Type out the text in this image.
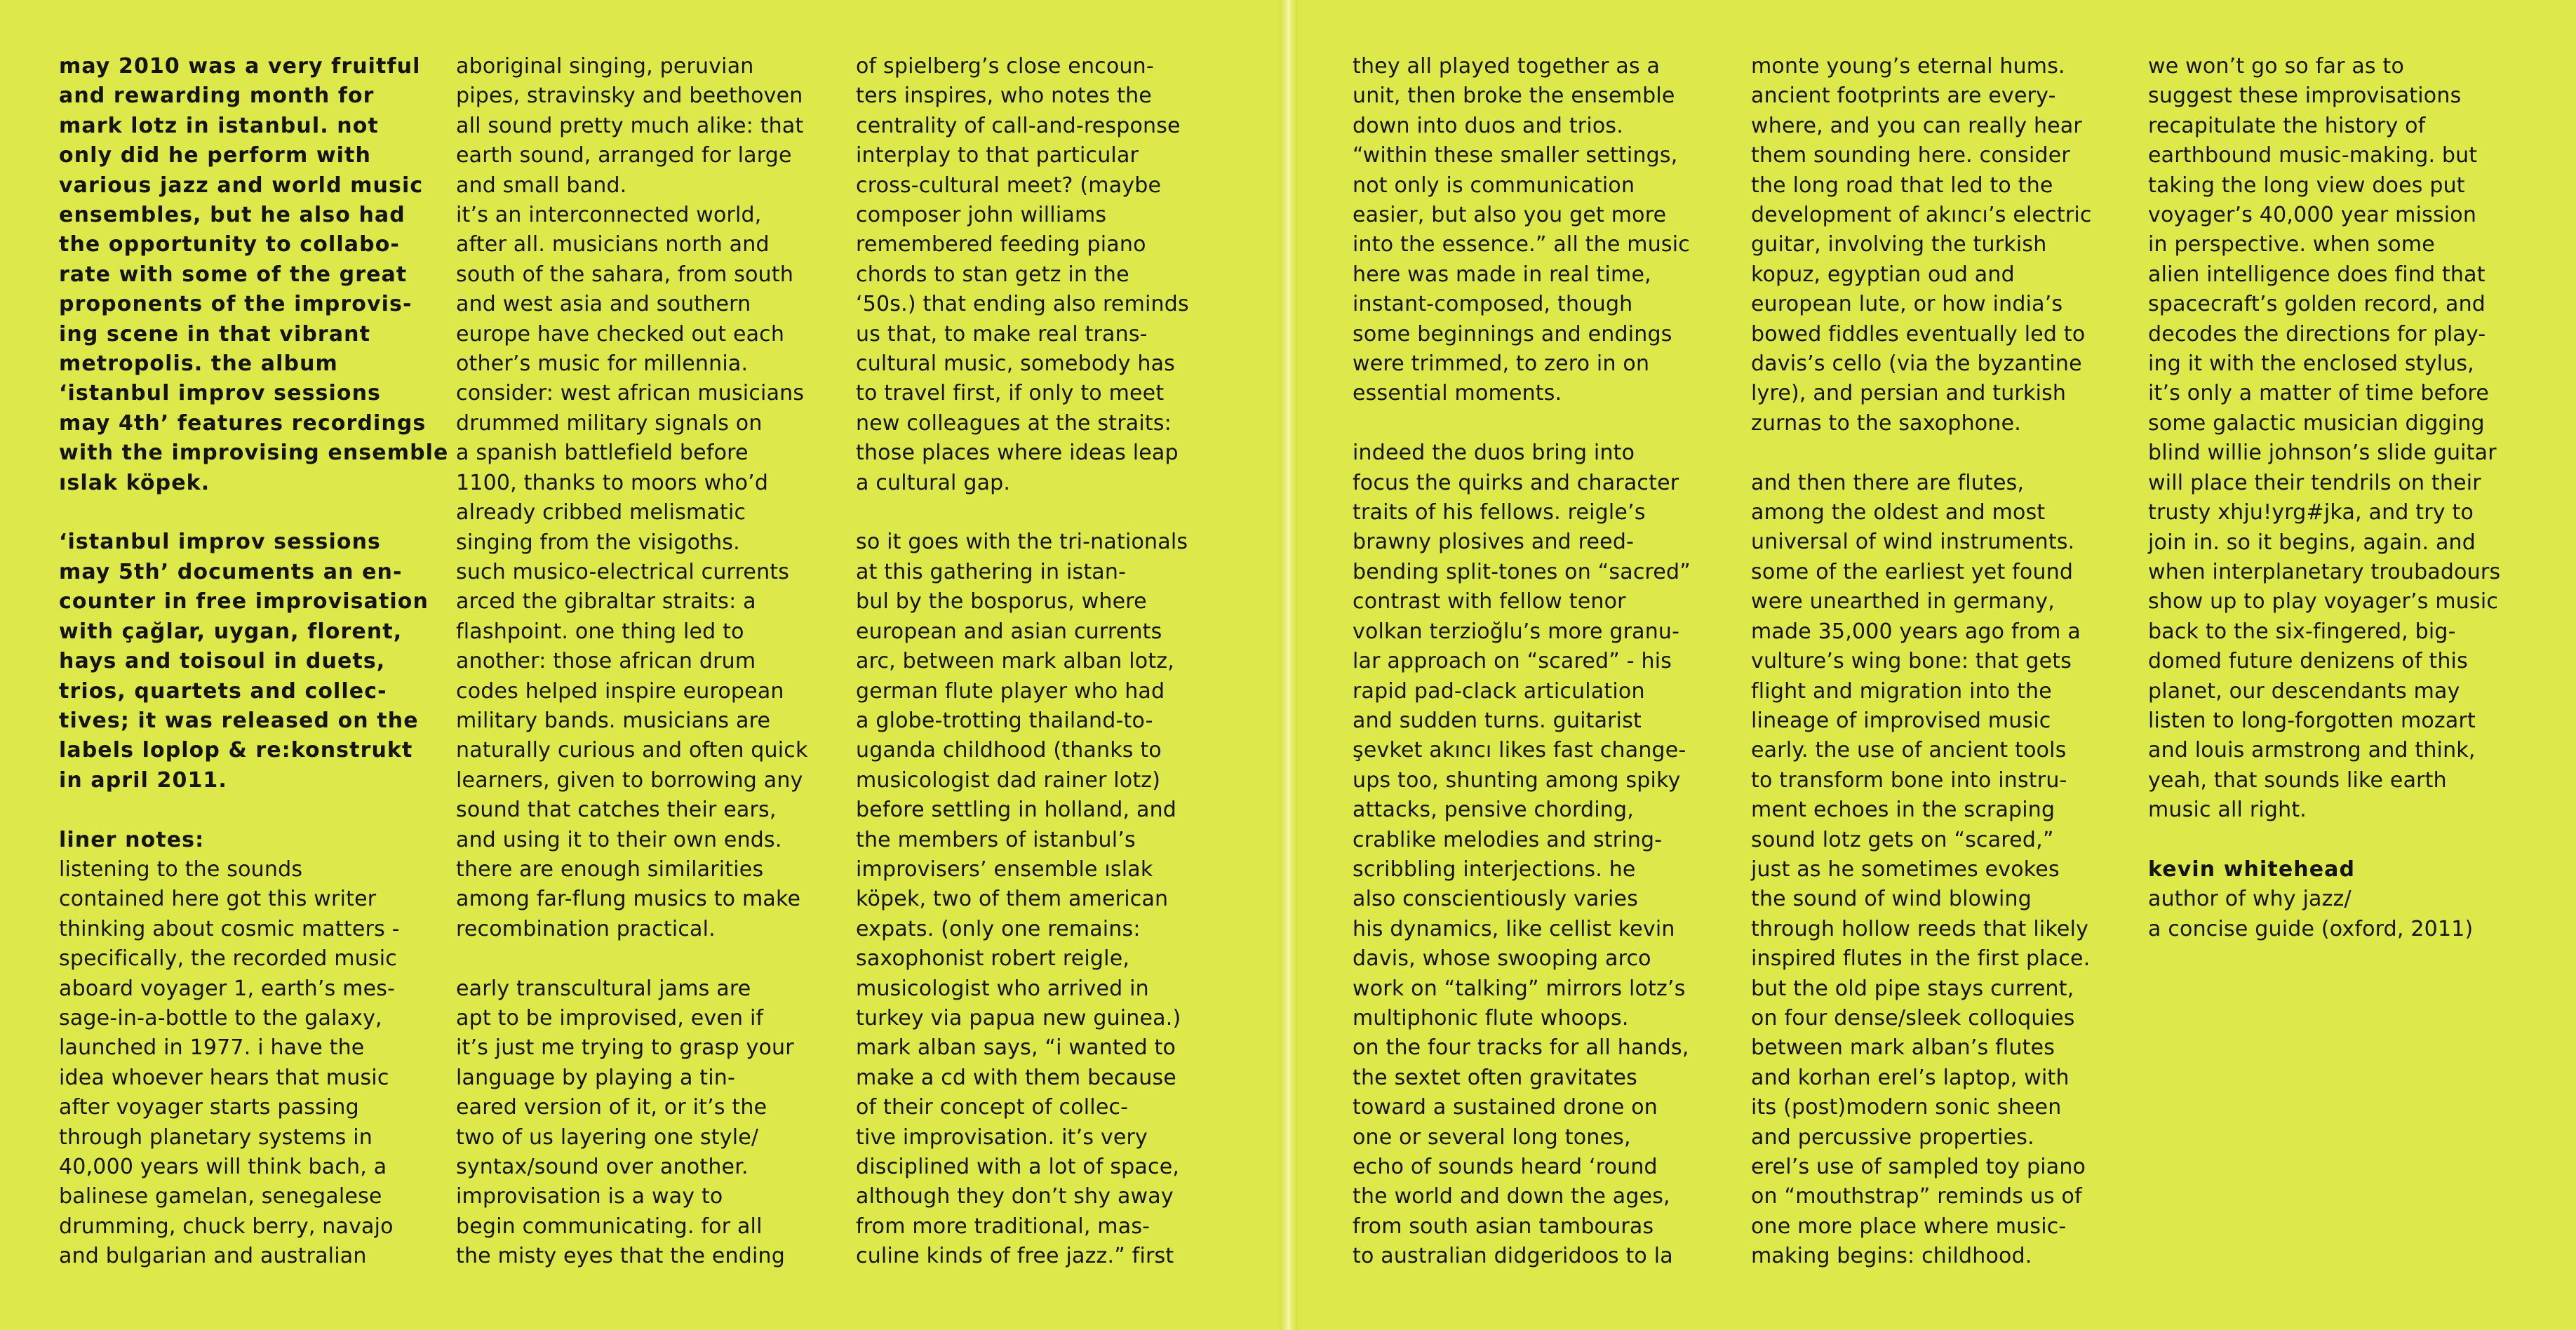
may 2010 was a very fruitful
and rewarding month for
mark lotz in istanbul. not
only did he perform with
various jazz and world music
ensembles, but he also had
the opportunity to collabo-
rate with some of the great
proponents of the improvis-
ing scene in that vibrant
metropolis. the album
‘istanbul improv sessions
may 4th’ features recordings
with the improvising ensemble
ıslak köpek.

‘istanbul improv sessions
may 5th’ documents an en-
counter in free improvisation
with çağlar, uygan, florent,
hays and toisoul in duets,
trios, quartets and collec-
tives; it was released on the
labels loplop & re:konstrukt
in april 2011.

liner notes:

listening to the sounds
contained here got this writer
thinking about cosmic matters -
specifically, the recorded music
aboard voyager 1, earth’s mes-
sage-in-a-bottle to the galaxy,
launched in 1977. i have the
idea whoever hears that music
after voyager starts passing
through planetary systems in
40,000 years will think bach, a
balinese gamelan, senegalese
drumming, chuck berry, navajo
and bulgarian and australian

aboriginal singing, peruvian
pipes, stravinsky and beethoven
all sound pretty much alike: that
earth sound, arranged for large
and small band.
it’s an interconnected world,
after all. musicians north and
south of the sahara, from south
and west asia and southern
europe have checked out each
other’s music for millennia.
consider: west african musicians
drummed military signals on
a spanish battlefield before
1100, thanks to moors who’d
already cribbed melismatic
singing from the visigoths.
such musico-electrical currents
arced the gibraltar straits: a
flashpoint. one thing led to
another: those african drum
codes helped inspire european
military bands. musicians are
naturally curious and often quick
learners, given to borrowing any
sound that catches their ears,
and using it to their own ends.
there are enough similarities
among far-flung musics to make
recombination practical.

early transcultural jams are
apt to be improvised, even if
it’s just me trying to grasp your
language by playing a tin-
eared version of it, or it’s the
two of us layering one style/
syntax/sound over another.
improvisation is a way to
begin communicating. for all
the misty eyes that the ending

of spielberg’s close encoun-
ters inspires, who notes the
centrality of call-and-response
interplay to that particular
cross-cultural meet? (maybe
composer john williams
remembered feeding piano
chords to stan getz in the
‘50s.) that ending also reminds
us that, to make real trans-
cultural music, somebody has
to travel first, if only to meet
new colleagues at the straits:
those places where ideas leap
a cultural gap.

so it goes with the tri-nationals
at this gathering in istan-
bul by the bosporus, where
european and asian currents
arc, between mark alban lotz,
german flute player who had
a globe-trotting thailand-to-
uganda childhood (thanks to
musicologist dad rainer lotz)
before settling in holland, and
the members of istanbul’s
improvisers’ ensemble ıslak
köpek, two of them american
expats. (only one remains:
saxophonist robert reigle,
musicologist who arrived in
turkey via papua new guinea.)
mark alban says, “i wanted to
make a cd with them because
of their concept of collec-
tive improvisation. it’s very
disciplined with a lot of space,
although they don’t shy away
from more traditional, mas-
culine kinds of free jazz.” first

they all played together as a
unit, then broke the ensemble
down into duos and trios.
“within these smaller settings,
not only is communication
easier, but also you get more
into the essence.” all the music
here was made in real time,
instant-composed, though
some beginnings and endings
were trimmed, to zero in on
essential moments.

indeed the duos bring into
focus the quirks and character
traits of his fellows. reigle’s
brawny plosives and reed-
bending split-tones on “sacred”
contrast with fellow tenor
volkan terzioğlu’s more granu-
lar approach on “scared” - his
rapid pad-clack articulation
and sudden turns. guitarist
şevket akıncı likes fast change-
ups too, shunting among spiky
attacks, pensive chording,
crablike melodies and string-
scribbling interjections. he
also conscientiously varies
his dynamics, like cellist kevin
davis, whose swooping arco
work on “talking” mirrors lotz’s
multiphonic flute whoops.
on the four tracks for all hands,
the sextet often gravitates
toward a sustained drone on
one or several long tones,
echo of sounds heard ‘round
the world and down the ages,
from south asian tambouras
to australian didgeridoos to la

monte young’s eternal hums.
ancient footprints are every-
where, and you can really hear
them sounding here. consider
the long road that led to the
development of akıncı’s electric
guitar, involving the turkish
kopuz, egyptian oud and
european lute, or how india’s
bowed fiddles eventually led to
davis’s cello (via the byzantine
lyre), and persian and turkish
zurnas to the saxophone.

and then there are flutes,
among the oldest and most
universal of wind instruments.
some of the earliest yet found
were unearthed in germany,
made 35,000 years ago from a
vulture’s wing bone: that gets
flight and migration into the
lineage of improvised music
early. the use of ancient tools
to transform bone into instru-
ment echoes in the scraping
sound lotz gets on “scared,”
just as he sometimes evokes
the sound of wind blowing
through hollow reeds that likely
inspired flutes in the first place.
but the old pipe stays current,
on four dense/sleek colloquies
between mark alban’s flutes
and korhan erel’s laptop, with
its (post)modern sonic sheen
and percussive properties.
erel’s use of sampled toy piano
on “mouthstrap” reminds us of
one more place where music-
making begins: childhood.

we won’t go so far as to
suggest these improvisations
recapitulate the history of
earthbound music-making. but
taking the long view does put
voyager’s 40,000 year mission
in perspective. when some
alien intelligence does find that
spacecraft’s golden record, and
decodes the directions for play-
ing it with the enclosed stylus,
it’s only a matter of time before
some galactic musician digging
blind willie johnson’s slide guitar
will place their tendrils on their
trusty xhju!yrg#jka, and try to
join in. so it begins, again. and
when interplanetary troubadours
show up to play voyager’s music
back to the six-fingered, big-
domed future denizens of this
planet, our descendants may
listen to long-forgotten mozart
and louis armstrong and think,
yeah, that sounds like earth
music all right.

kevin whitehead

author of why jazz/
a concise guide (oxford, 2011)
